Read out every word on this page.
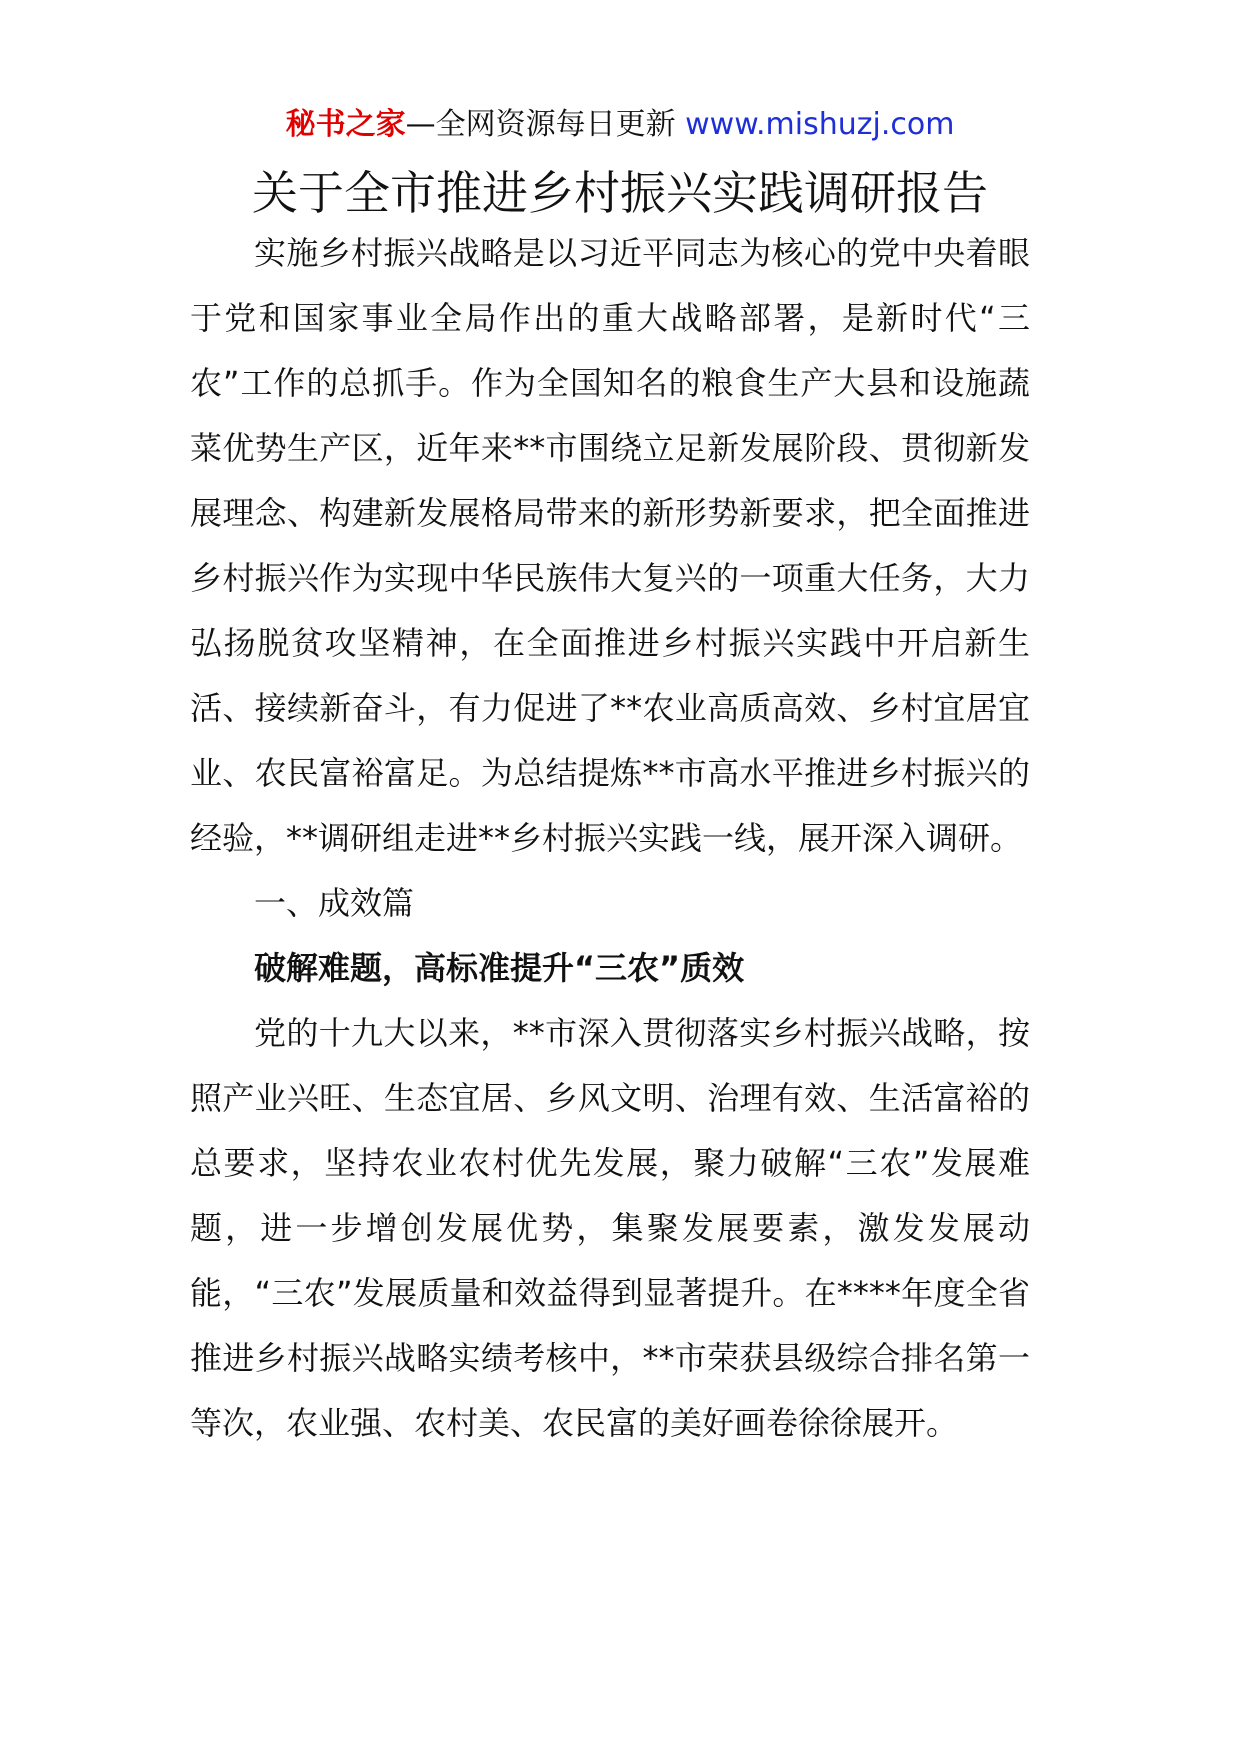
秘书之家—全网资源每日更新 www.mishuzj.com
关于全市推进乡村振兴实践调研报告

实施乡村振兴战略是以习近平同志为核心的党中央着眼于党和国家事业全局作出的重大战略部署，是新时代“三农”工作的总抓手。作为全国知名的粮食生产大县和设施蔬菜优势生产区，近年来**市围绕立足新发展阶段、贯彻新发展理念、构建新发展格局带来的新形势新要求，把全面推进乡村振兴作为实现中华民族伟大复兴的一项重大任务，大力弘扬脱贫攻坚精神，在全面推进乡村振兴实践中开启新生活、接续新奋斗，有力促进了**农业高质高效、乡村宜居宜业、农民富裕富足。为总结提炼**市高水平推进乡村振兴的经验，**调研组走进**乡村振兴实践一线，展开深入调研。

一、成效篇

破解难题，高标准提升“三农”质效

党的十九大以来，**市深入贯彻落实乡村振兴战略，按照产业兴旺、生态宜居、乡风文明、治理有效、生活富裕的总要求，坚持农业农村优先发展，聚力破解“三农”发展难题，进一步增创发展优势，集聚发展要素，激发发展动能，“三农”发展质量和效益得到显著提升。在****年度全省推进乡村振兴战略实绩考核中，**市荣获县级综合排名第一等次，农业强、农村美、农民富的美好画卷徐徐展开。
